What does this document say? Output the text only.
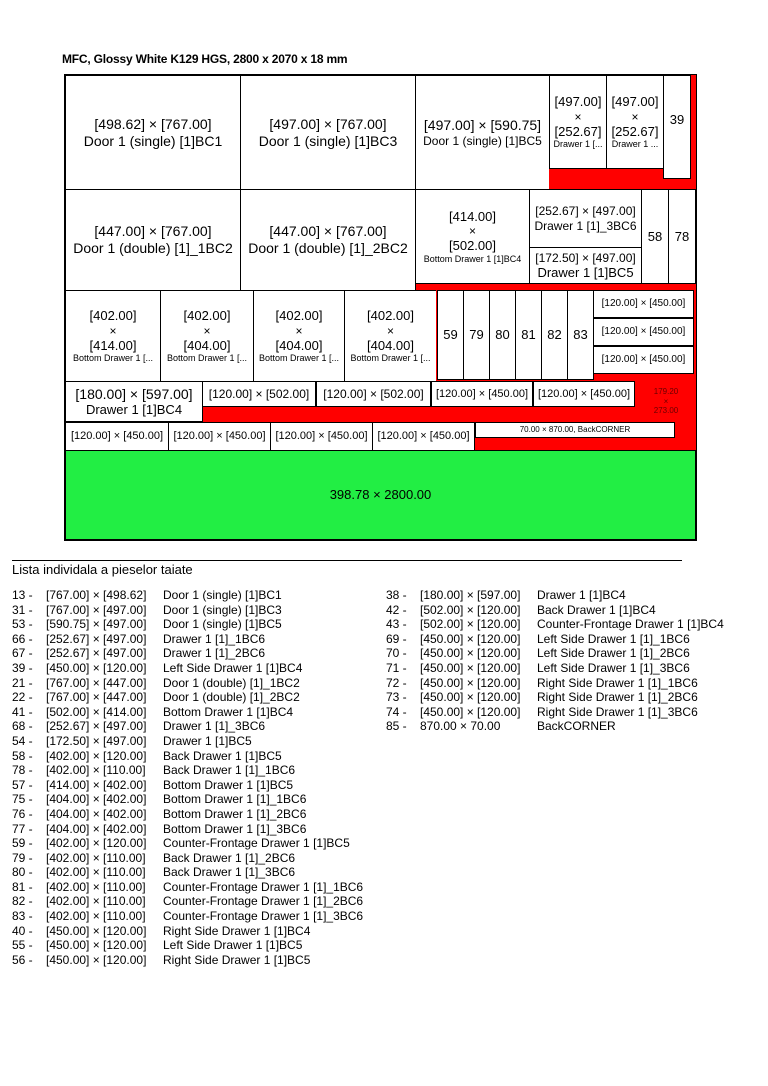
MFC, Glossy White K129 HGS, 2800 x 2070 x 18 mm
[498.62] × [767.00]
Door 1 (single) [1]BC1
[497.00] × [767.00]
Door 1 (single) [1]BC3
[497.00] × [590.75]
Door 1 (single) [1]BC5
[497.00]
×
[252.67]
Drawer 1 [...
[497.00]
×
[252.67]
Drawer 1 ...
39
[447.00] × [767.00]
Door 1 (double) [1]_1BC2
[447.00] × [767.00]
Door 1 (double) [1]_2BC2
[414.00]
×
[502.00]
Bottom Drawer 1 [1]BC4
[252.67] × [497.00]
Drawer 1 [1]_3BC6
[172.50] × [497.00]
Drawer 1 [1]BC5
58 78
[402.00]
×
[414.00]
Bottom Drawer 1 [...
[402.00]
×
[404.00]
Bottom Drawer 1 [...
[402.00]
×
[404.00]
Bottom Drawer 1 [...
[402.00]
×
[404.00]
Bottom Drawer 1 [...
59 79 80 81 82 83
[120.00] × [450.00]
[120.00] × [450.00]
[120.00] × [450.00]
[180.00] × [597.00]
Drawer 1 [1]BC4
[120.00] × [502.00] [120.00] × [502.00] [120.00] × [450.00] [120.00] × [450.00]	179.20
×
273.00
[120.00] × [450.00] [120.00] × [450.00] [120.00] × [450.00] [120.00] × [450.00]
70.00 × 870.00, BackCORNER
398.78 × 2800.00
Lista individala a pieselor taiate
13 -	[767.00] × [498.62]	Door 1 (single) [1]BC1
31 -	[767.00] × [497.00]	Door 1 (single) [1]BC3
53 -	[590.75] × [497.00]	Door 1 (single) [1]BC5
66 -	[252.67] × [497.00]	Drawer 1 [1]_1BC6
67 -	[252.67] × [497.00]	Drawer 1 [1]_2BC6
39 -	[450.00] × [120.00]	Left Side Drawer 1 [1]BC4
21 -	[767.00] × [447.00]	Door 1 (double) [1]_1BC2
22 -	[767.00] × [447.00]	Door 1 (double) [1]_2BC2
41 -	[502.00] × [414.00]	Bottom Drawer 1 [1]BC4
68 -	[252.67] × [497.00]	Drawer 1 [1]_3BC6
54 -	[172.50] × [497.00]	Drawer 1 [1]BC5
58 -	[402.00] × [120.00]	Back Drawer 1 [1]BC5
78 -	[402.00] × [110.00]	Back Drawer 1 [1]_1BC6
57 -	[414.00] × [402.00]	Bottom Drawer 1 [1]BC5
75 -	[404.00] × [402.00]	Bottom Drawer 1 [1]_1BC6
76 -	[404.00] × [402.00]	Bottom Drawer 1 [1]_2BC6
77 -	[404.00] × [402.00]	Bottom Drawer 1 [1]_3BC6
59 -	[402.00] × [120.00]	Counter-Frontage Drawer 1 [1]BC5
79 -	[402.00] × [110.00]	Back Drawer 1 [1]_2BC6
80 -	[402.00] × [110.00]	Back Drawer 1 [1]_3BC6
81 -	[402.00] × [110.00]	Counter-Frontage Drawer 1 [1]_1BC6
82 -	[402.00] × [110.00]	Counter-Frontage Drawer 1 [1]_2BC6
83 -	[402.00] × [110.00]	Counter-Frontage Drawer 1 [1]_3BC6
40 -	[450.00] × [120.00]	Right Side Drawer 1 [1]BC4
55 -	[450.00] × [120.00]	Left Side Drawer 1 [1]BC5
56 -	[450.00] × [120.00]	Right Side Drawer 1 [1]BC5
38 -	[180.00] × [597.00]	Drawer 1 [1]BC4
42 -	[502.00] × [120.00]	Back Drawer 1 [1]BC4
43 -	[502.00] × [120.00]	Counter-Frontage Drawer 1 [1]BC4
69 -	[450.00] × [120.00]	Left Side Drawer 1 [1]_1BC6
70 -	[450.00] × [120.00]	Left Side Drawer 1 [1]_2BC6
71 -	[450.00] × [120.00]	Left Side Drawer 1 [1]_3BC6
72 -	[450.00] × [120.00]	Right Side Drawer 1 [1]_1BC6
73 -	[450.00] × [120.00]	Right Side Drawer 1 [1]_2BC6
74 -	[450.00] × [120.00]	Right Side Drawer 1 [1]_3BC6
85 -	870.00 × 70.00	BackCORNER
